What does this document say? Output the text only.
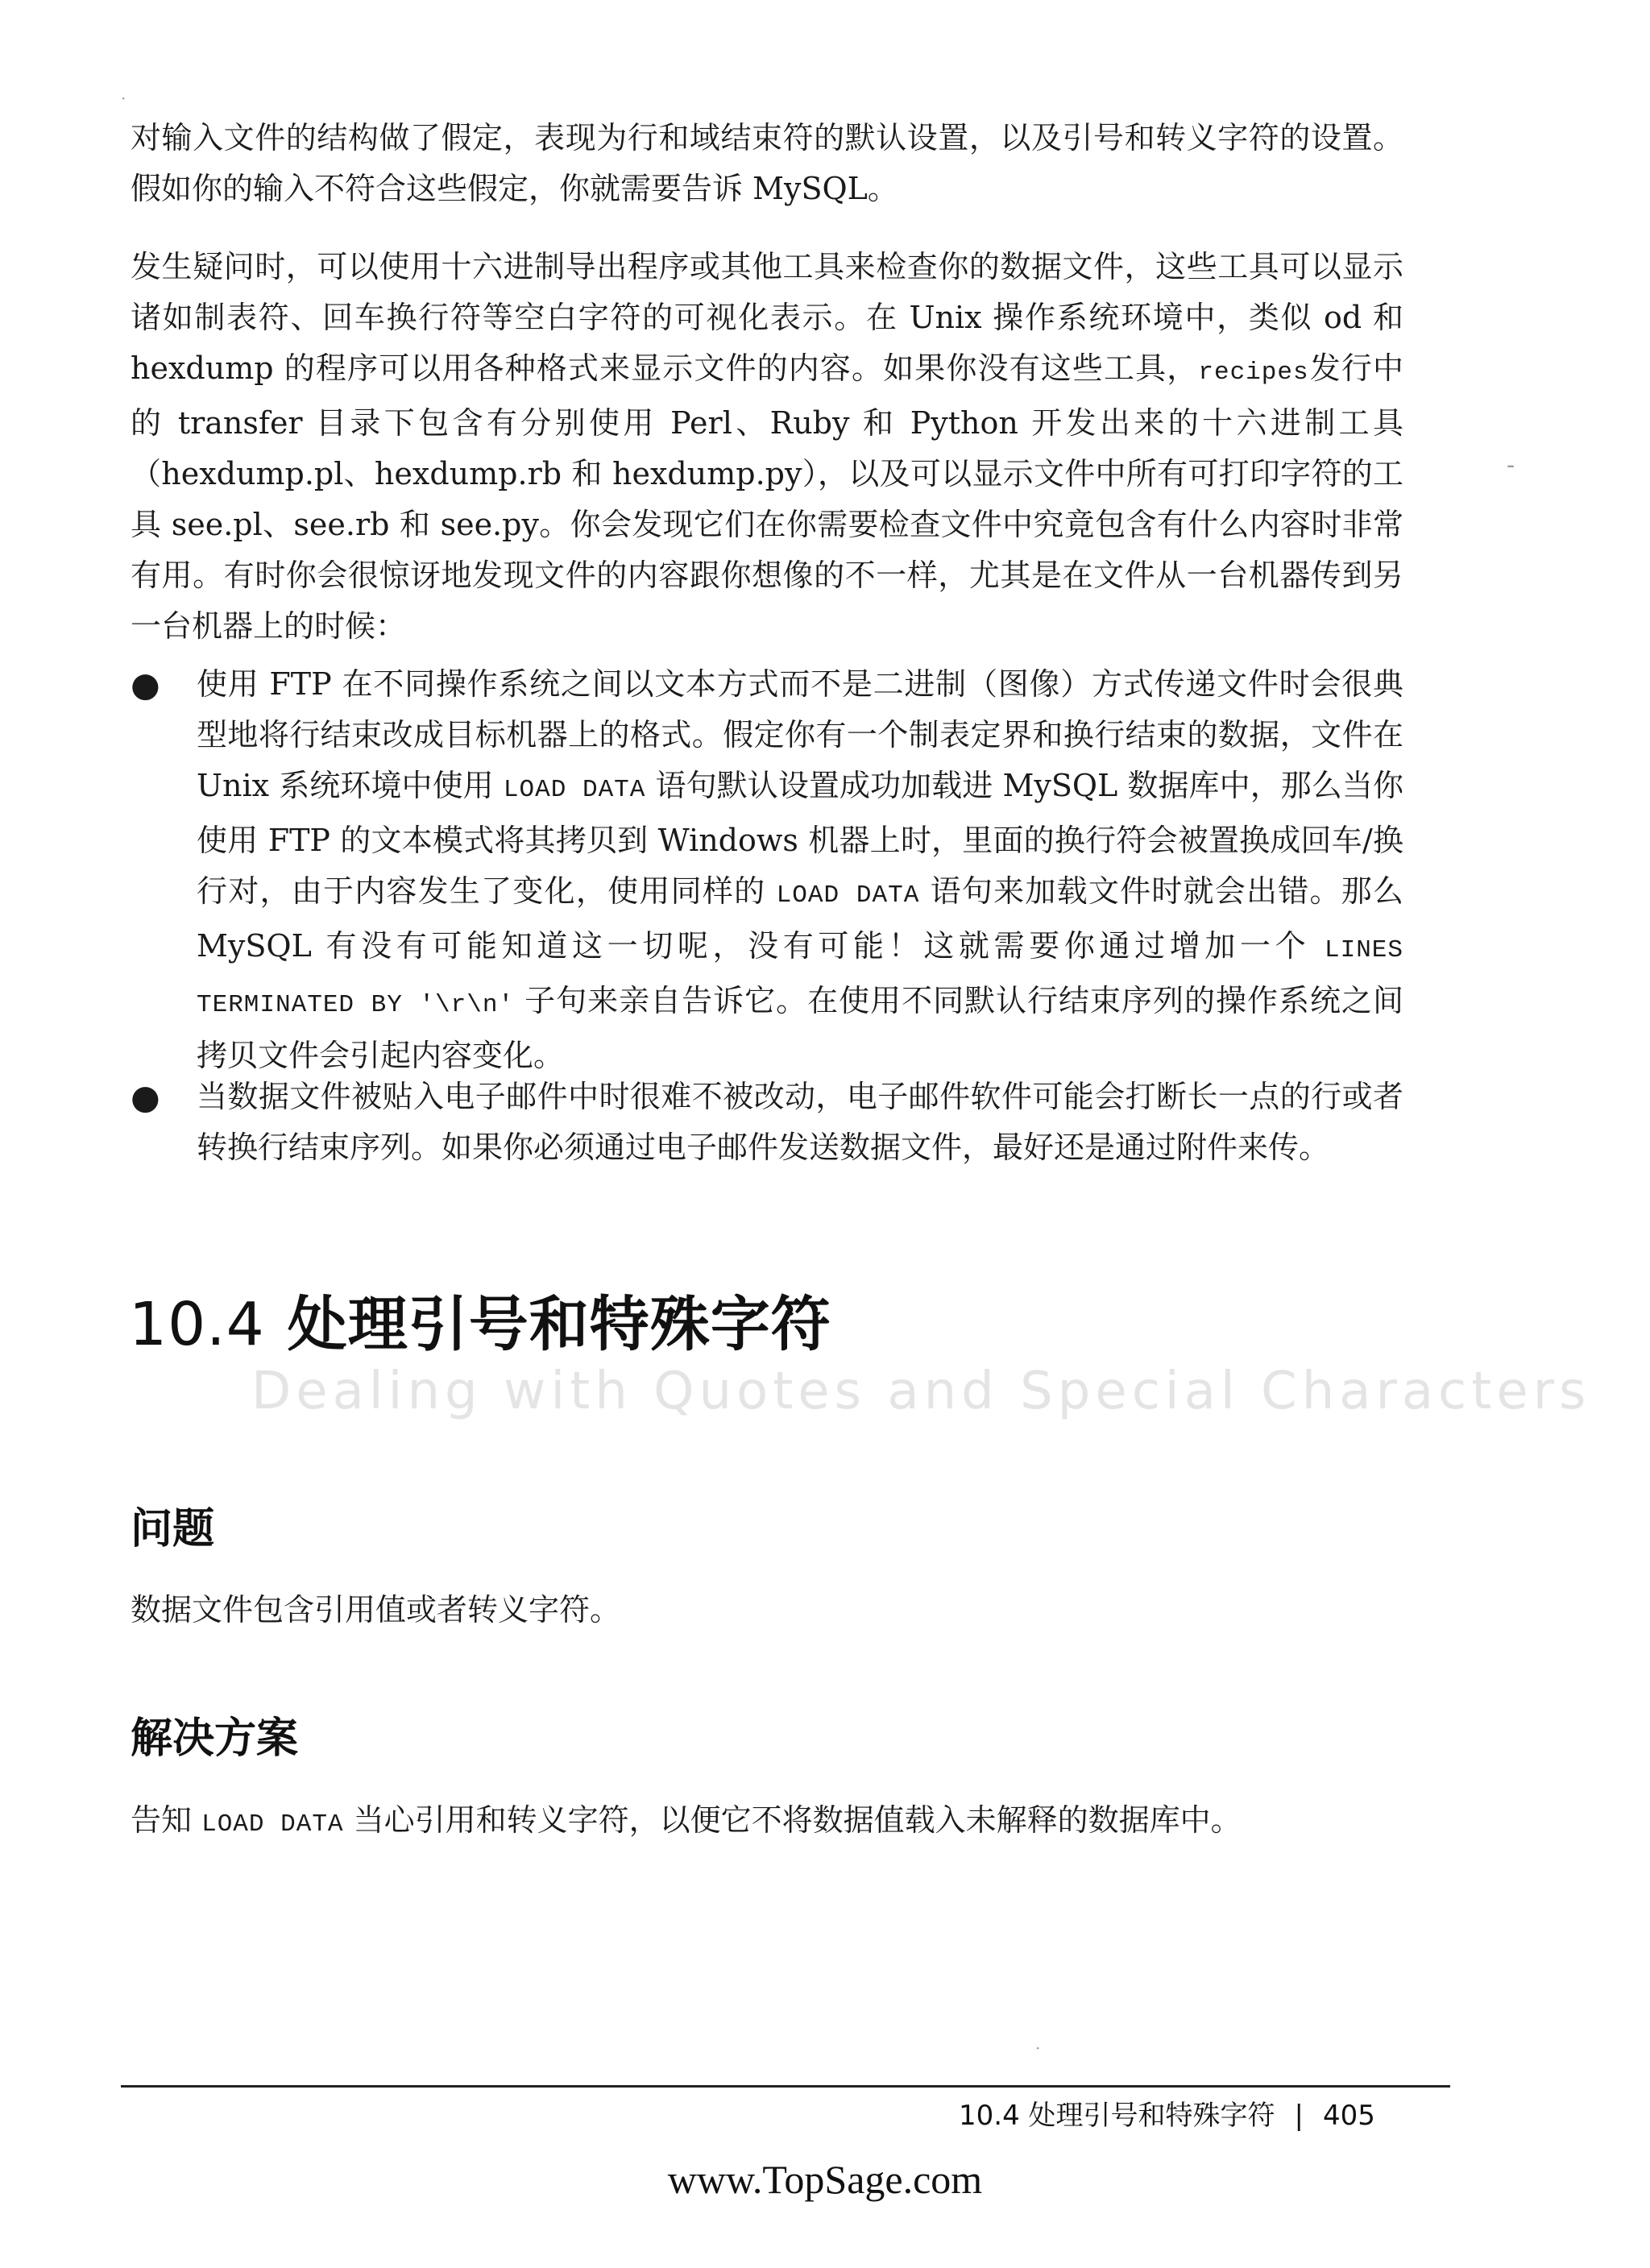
·

对输入文件的结构做了假定，表现为行和域结束符的默认设置，以及引号和转义字符的设置。假如你的输入不符合这些假定，你就需要告诉 MySQL。

发生疑问时，可以使用十六进制导出程序或其他工具来检查你的数据文件，这些工具可以显示诸如制表符、回车换行符等空白字符的可视化表示。在 Unix 操作系统环境中，类似 od 和 hexdump 的程序可以用各种格式来显示文件的内容。如果你没有这些工具，recipes发行中的 transfer 目录下包含有分别使用 Perl、Ruby 和 Python 开发出来的十六进制工具（hexdump.pl、hexdump.rb 和 hexdump.py），以及可以显示文件中所有可打印字符的工具 see.pl、see.rb 和 see.py。你会发现它们在你需要检查文件中究竟包含有什么内容时非常有用。有时你会很惊讶地发现文件的内容跟你想像的不一样，尤其是在文件从一台机器传到另一台机器上的时候：

-
● 使用 FTP 在不同操作系统之间以文本方式而不是二进制（图像）方式传递文件时会很典型地将行结束改成目标机器上的格式。假定你有一个制表定界和换行结束的数据，文件在 Unix 系统环境中使用 LOAD DATA 语句默认设置成功加载进 MySQL 数据库中，那么当你使用 FTP 的文本模式将其拷贝到 Windows 机器上时，里面的换行符会被置换成回车/换行对，由于内容发生了变化，使用同样的 LOAD DATA 语句来加载文件时就会出错。那么 MySQL 有没有可能知道这一切呢，没有可能！这就需要你通过增加一个 LINES TERMINATED BY '\r\n' 子句来亲自告诉它。在使用不同默认行结束序列的操作系统之间拷贝文件会引起内容变化。
● 当数据文件被贴入电子邮件中时很难不被改动，电子邮件软件可能会打断长一点的行或者转换行结束序列。如果你必须通过电子邮件发送数据文件，最好还是通过附件来传。
10.4 处理引号和特殊字符
Dealing with Quotes and Special Characters
问题

数据文件包含引用值或者转义字符。

解决方案

告知 LOAD DATA 当心引用和转义字符，以便它不将数据值载入未解释的数据库中。

·
10.4 处理引号和特殊字符 | 405
www.TopSage.com
